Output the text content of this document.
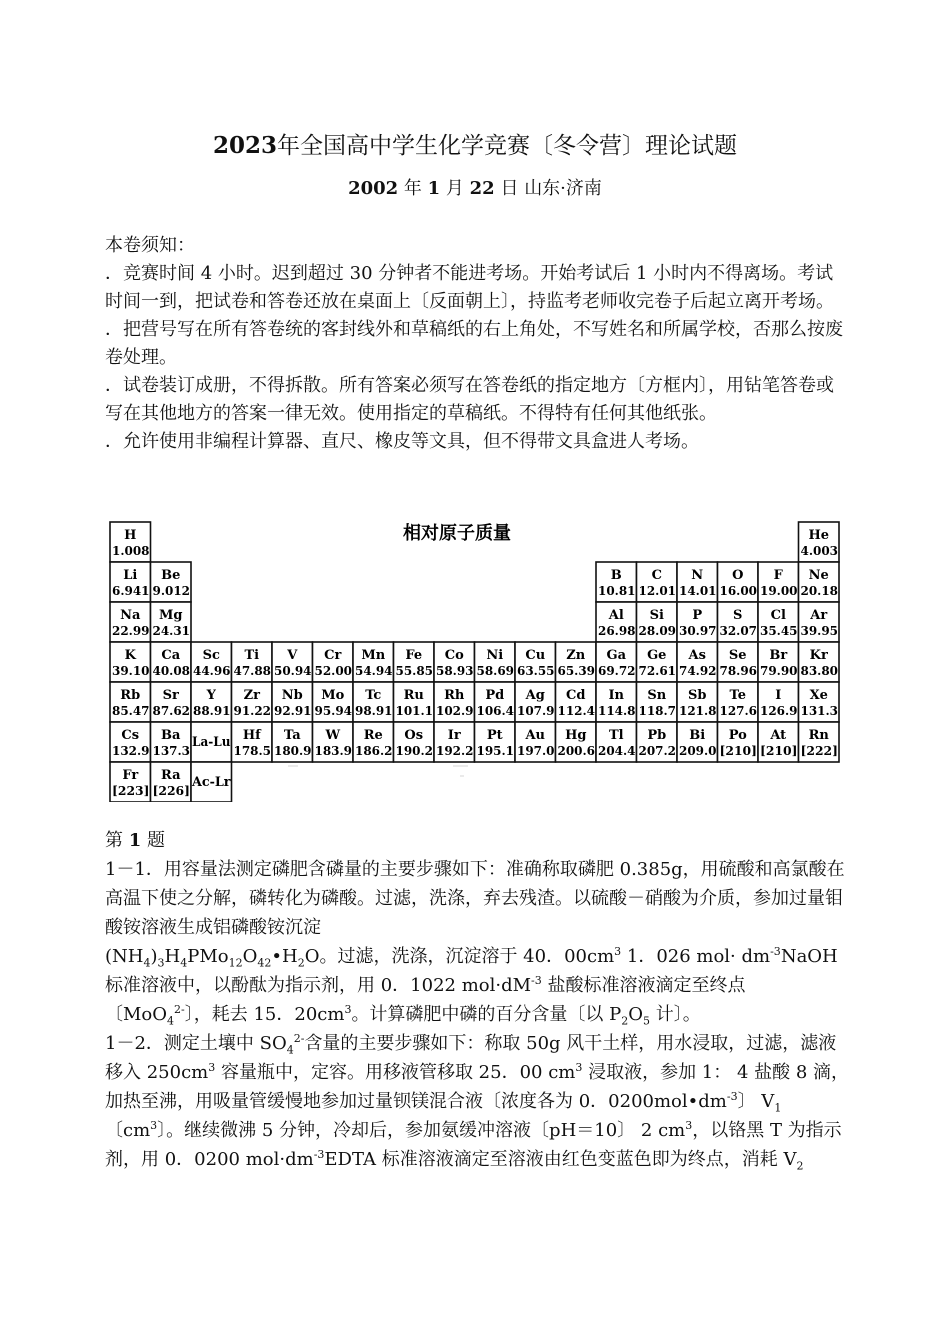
2023年全国高中学生化学竞赛〔冬令营〕理论试题
2002 年 1 月 22 日 山东·济南

本卷须知：

．竞赛时间 4 小时。迟到超过 30 分钟者不能进考场。开始考试后 1 小时内不得离场。考试时间一到，把试卷和答卷还放在桌面上〔反面朝上〕，持监考老师收完卷子后起立离开考场。

．把营号写在所有答卷统的客封线外和草稿纸的右上角处，不写姓名和所属学校，否那么按废卷处理。

．试卷装订成册，不得拆散。所有答案必须写在答卷纸的指定地方〔方框内〕，用钻笔答卷或写在其他地方的答案一律无效。使用指定的草稿纸。不得特有任何其他纸张。

．允许使用非编程计算器、直尺、橡皮等文具，但不得带文具盒进人考场。

相对原子质量
H
1.008
He
4.003
Li
6.941
Be
9.012
B
10.81
C
12.01
N
14.01
O
16.00
F
19.00
Ne
20.18
Na
22.99
Mg
24.31
Al
26.98
Si
28.09
P
30.97
S
32.07
Cl
35.45
Ar
39.95
K
39.10
Ca
40.08
Sc
44.96
Ti
47.88
V
50.94
Cr
52.00
Mn
54.94
Fe
55.85
Co
58.93
Ni
58.69
Cu
63.55
Zn
65.39
Ga
69.72
Ge
72.61
As
74.92
Se
78.96
Br
79.90
Kr
83.80
Rb
85.47
Sr
87.62
Y
88.91
Zr
91.22
Nb
92.91
Mo
95.94
Tc
98.91
Ru
101.1
Rh
102.9
Pd
106.4
Ag
107.9
Cd
112.4
In
114.8
Sn
118.7
Sb
121.8
Te
127.6
I
126.9
Xe
131.3
Cs
132.9
Ba
137.3
La-Lu Hf
178.5
Ta
180.9
W
183.9
Re
186.2
Os
190.2
Ir
192.2
Pt
195.1
Au
197.0
Hg
200.6
Tl
204.4
Pb
207.2
Bi
209.0
Po
[210]
At
[210]
Rn
[222]
Fr
[223]
Ra
[226]
Ac-Lr

第 1 题

1－1．用容量法测定磷肥含磷量的主要步骤如下：准确称取磷肥 0.385g，用硫酸和高氯酸在高温下使之分解，磷转化为磷酸。过滤，洗涤，弃去残渣。以硫酸－硝酸为介质，参加过量钼酸铵溶液生成铝磷酸铵沉淀
$(NH_4)_3H_4PMo_{12}O_{42}•H_2O$。过滤，洗涤，沉淀溶于 40．$00cm^3$ 1．026 $mol\cdot dm^{-3}NaOH$ 标准溶液中，以酚酞为指示剂，用 0．1022 $mol\cdot dM^{-3}$ 盐酸标准溶液滴定至终点〔MoO$_4^{2-}$〕，耗去 15．$20cm^3$。计算磷肥中磷的百分含量〔以 $P_2O_5$ 计〕。

1－2．测定土壤中 $SO_4^{2-}$含量的主要步骤如下：称取 50g 风干土样，用水浸取，过滤，滤液移入 $250cm^3$ 容量瓶中，定容。用移液管移取 25．00 $cm^3$ 浸取液，参加 1： 4 盐酸 8 滴，加热至沸，用吸量管缓慢地参加过量钡镁混合液〔浓度各为 0．$0200mol•dm^{-3}$〕 $V_1$〔$cm^3$〕。继续微沸 5 分钟，冷却后，参加氨缓冲溶液〔pH＝10〕 2 $cm^3$，以铬黑 T 为指示剂，用 0．0200 $mol\cdot dm^{-3}EDTA$ 标准溶液滴定至溶液由红色变蓝色即为终点，消耗 $V_2$
